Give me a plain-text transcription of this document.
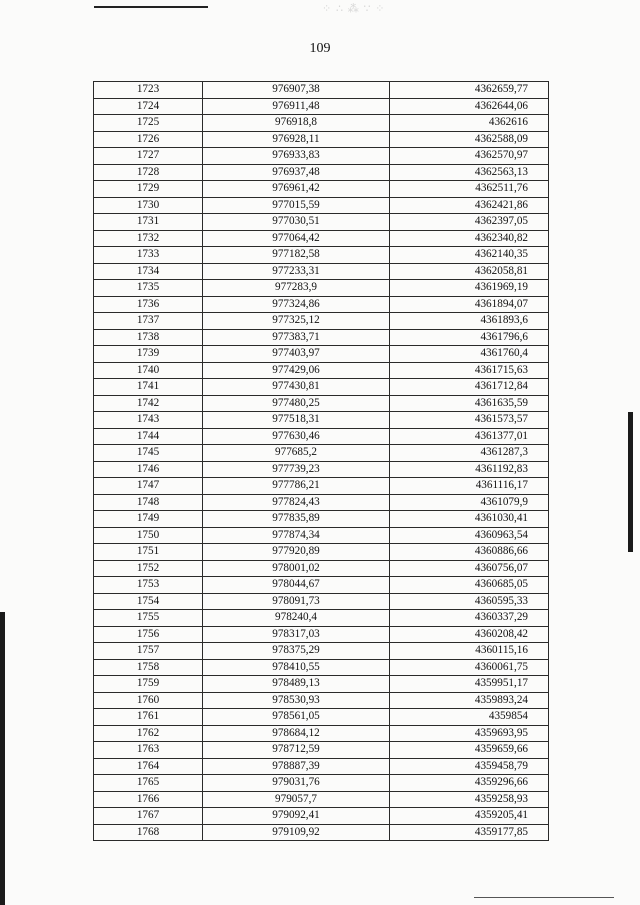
⁘ ∴ ⁂ ∵ ⁘
109
1723	976907,38	4362659,77
1724	976911,48	4362644,06
1725	976918,8	4362616
1726	976928,11	4362588,09
1727	976933,83	4362570,97
1728	976937,48	4362563,13
1729	976961,42	4362511,76
1730	977015,59	4362421,86
1731	977030,51	4362397,05
1732	977064,42	4362340,82
1733	977182,58	4362140,35
1734	977233,31	4362058,81
1735	977283,9	4361969,19
1736	977324,86	4361894,07
1737	977325,12	4361893,6
1738	977383,71	4361796,6
1739	977403,97	4361760,4
1740	977429,06	4361715,63
1741	977430,81	4361712,84
1742	977480,25	4361635,59
1743	977518,31	4361573,57
1744	977630,46	4361377,01
1745	977685,2	4361287,3
1746	977739,23	4361192,83
1747	977786,21	4361116,17
1748	977824,43	4361079,9
1749	977835,89	4361030,41
1750	977874,34	4360963,54
1751	977920,89	4360886,66
1752	978001,02	4360756,07
1753	978044,67	4360685,05
1754	978091,73	4360595,33
1755	978240,4	4360337,29
1756	978317,03	4360208,42
1757	978375,29	4360115,16
1758	978410,55	4360061,75
1759	978489,13	4359951,17
1760	978530,93	4359893,24
1761	978561,05	4359854
1762	978684,12	4359693,95
1763	978712,59	4359659,66
1764	978887,39	4359458,79
1765	979031,76	4359296,66
1766	979057,7	4359258,93
1767	979092,41	4359205,41
1768	979109,92	4359177,85
